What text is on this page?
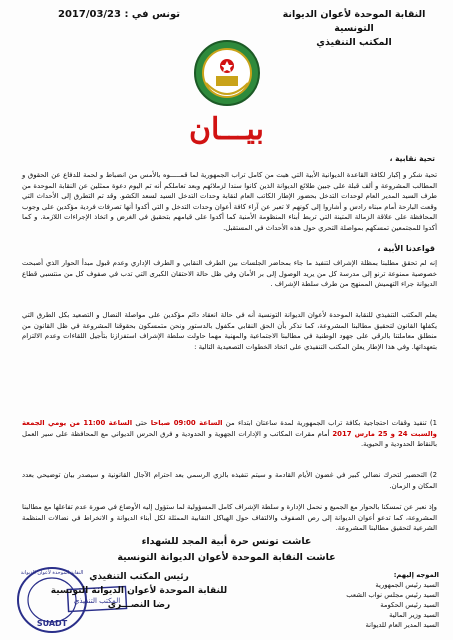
النقابة الموحدة لأعوان الديوانة
التونسية
المكتب التنفيذي
تونس في : 2017/03/23
بيـــان
تحية نقابية ،
تحية شكر و إكبار لكافة القاعدة الديوانية الأبية التي هبت من كامل تراب الجمهورية لما قمـــــوه بالأمس من انضباط و لحمة للدفاع عن الحقوق و المطالب المشروعة و ألف قبلة على جبين طلائع الديوانة الذين كانوا سندا لزملائهم وبعد تعاملكم أنه تم اليوم دعوة ممثلين عن النقابة الموحدة من طرف السيد المدير العام لوحدات التدخل بحضور الإطار الكاتب العام لنقابة وحدات التدخل السيد لسعد الكشو. وقد تم التطرق إلى الأحداث التي وقعت البارحة أمام مبناه رادس و أشاروا إلى كونهم لا تعبر عن آراء كافة أعوان وحدات التدخل و التي أكدوا أنها تصرفات فردية مؤكدين على وجوب المحافظة على علاقة الزمالة المتينة التي تربط أبناء المنظومة الأمنية كما أكدوا على قيامهم بتحقيق في الغرض و اتخاذ الإجراءات اللازمة. و كما أكدوا للمجتمعين تمسكهم بمواصلة التحري حول هذه الأحداث في المستقبل.
قواعدنا الأبية ،
إنه لم تحقق مطلبنا بمظلة الإشراف لتنفيذ ما جاء بمحاضر الجلسات بين الطرف النقابي و الطرف الإداري وعدم قبول مبدأ الحوار الذي أصبحت خصوصية ممنوعة ترنو إلى مدرسة كل من يريد الوصول إلى بر الأمان وفي ظل حالة الاحتقان الكبرى التي تدب في صفوف كل من منتسبي قطاع الديوانة جراء التهميش الممنهج من طرف سلطة الإشراف .
يعلم المكتب التنفيذي للنقابة الموحدة لأعوان الديوانة التونسية أنه في حالة انعقاد دائم مؤكدين على مواصلة النضال و التصعيد بكل الطرق التي يكفلها القانون لتحقيق مطالبنا المشروعة، كما نذكر بأن الحق النقابي مكفول بالدستور ونحن متمسكون بحقوقنا المشروعة في ظل القانون من منطلق معاملتنا بالرقي على جهود الوطنية في مطالبنا الاجتماعية والمهنية مهما حاولت سلطة الإشراف استفزازنا بتأجيل اللقاءات وعدم الالتزام بتعهداتها. وفي هذا الإطار يعلن المكتب التنفيذي على اتخاذ الخطوات التصعيدية التالية :
1) تنفيذ وقفات احتجاجية بكافة تراب الجمهورية لمدة ساعتان ابتداء من الساعة 09:00 صباحا حتى الساعة 11:00 من يومي الجمعة والسبت 24 و 25 مارس 2017 أمام مقرات المكاتب و الإدارات الجهوية و الحدودية و فرق الحرس الديواني مع المحافظة على سير العمل بالنقاط الحدودية و الحيوية.
2) التحضير لتحرك نضالي كبير في غضون الأيام القادمة و سيتم تنفيذه بالزي الرسمي بعد احترام الآجال القانونية و سيصدر بيان توضيحي بعدد المكان و الزمان.
وإذ نعبر عن تمسكنا بالحوار مع الجميع و نحمل الإدارة و سلطة الإشراف كامل المسؤولية لما ستؤول إليه الأوضاع في صورة عدم تفاعلها مع مطالبنا المشروعة، كما تدعو أعوان الديوانة إلى رص الصفوف والالتفاف حول الهياكل النقابية الممثلة لكل أبناء الديوانة و الانخراط في نضالات المنظمة الشرعية لتحقيق مطالبنا المشروعة.
عاشت تونس حرة أبية المجد للشهداء
عاشت النقابة الموحدة لأعوان الديوانة التونسية
المكتب التنفيذي
SUADT
النقابة الموحدة لأعوان الديوانة رئيس المكتب التنفيذي
للنقابة الموحدة لأعوان الديوانة التونسية
رضا النصـــري
الموجه إليهم:
السيد رئيس الجمهورية
السيد رئيس مجلس نواب الشعب
السيد رئيس الحكومة
السيد وزير المالية
السيد المدير العام للديوانة
